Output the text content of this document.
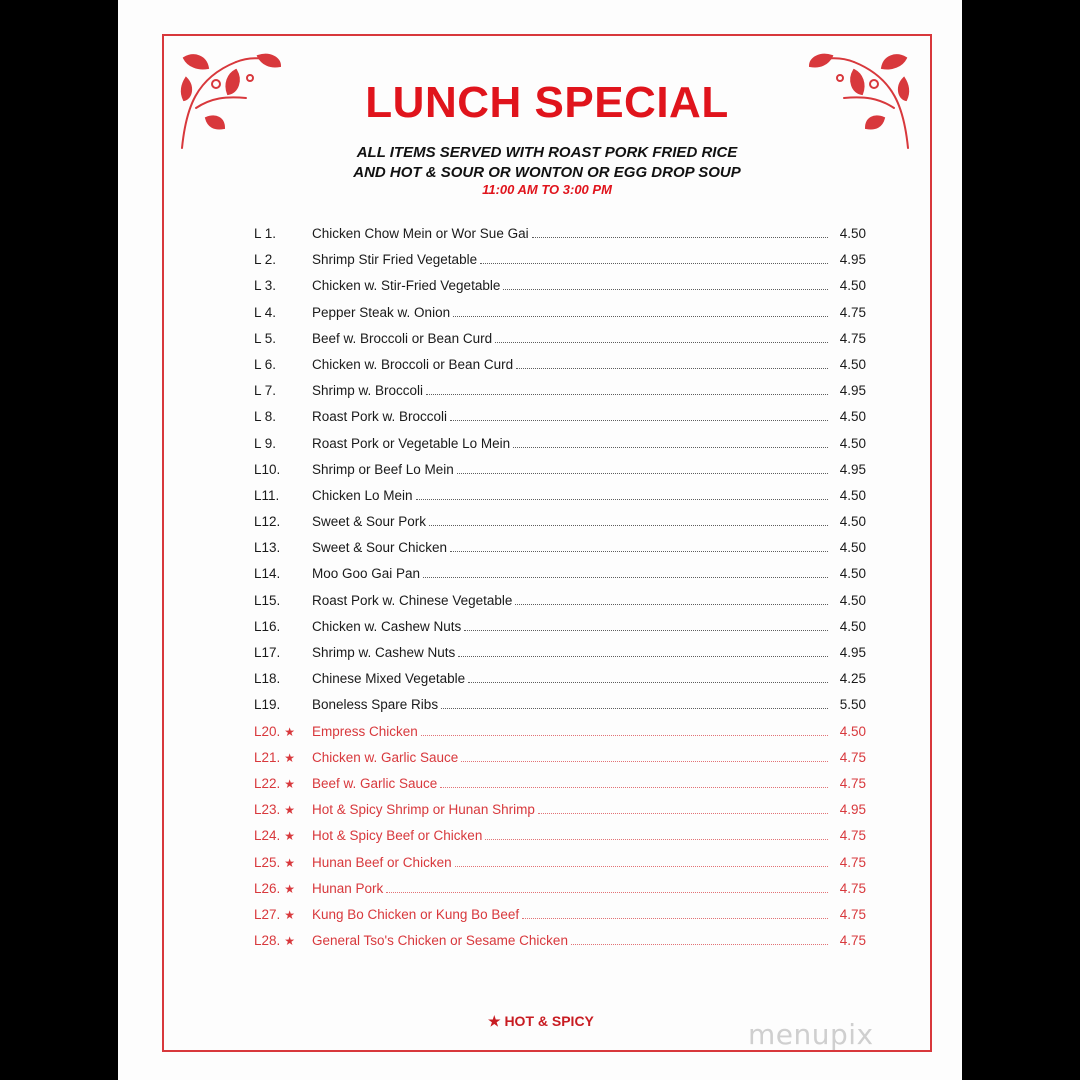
LUNCH SPECIAL
ALL ITEMS SERVED WITH ROAST PORK FRIED RICE
AND HOT & SOUR OR WONTON OR EGG DROP SOUP
11:00 AM TO 3:00 PM
L 1.	Chicken Chow Mein or Wor Sue Gai	4.50
L 2.	Shrimp Stir Fried Vegetable	4.95
L 3.	Chicken w. Stir-Fried Vegetable	4.50
L 4.	Pepper Steak w. Onion	4.75
L 5.	Beef w. Broccoli or Bean Curd	4.75
L 6.	Chicken w. Broccoli or Bean Curd	4.50
L 7.	Shrimp w. Broccoli	4.95
L 8.	Roast Pork w. Broccoli	4.50
L 9.	Roast Pork or Vegetable Lo Mein	4.50
L10.	Shrimp or Beef Lo Mein	4.95
L11.	Chicken Lo Mein	4.50
L12.	Sweet & Sour Pork	4.50
L13.	Sweet & Sour Chicken	4.50
L14.	Moo Goo Gai Pan	4.50
L15.	Roast Pork w. Chinese Vegetable	4.50
L16.	Chicken w. Cashew Nuts	4.50
L17.	Shrimp w. Cashew Nuts	4.95
L18.	Chinese Mixed Vegetable	4.25
L19.	Boneless Spare Ribs	5.50
L20. ★	Empress Chicken	4.50
L21. ★	Chicken w. Garlic Sauce	4.75
L22. ★	Beef w. Garlic Sauce	4.75
L23. ★	Hot & Spicy Shrimp or Hunan Shrimp	4.95
L24. ★	Hot & Spicy Beef or Chicken	4.75
L25. ★	Hunan Beef or Chicken	4.75
L26. ★	Hunan Pork	4.75
L27. ★	Kung Bo Chicken or Kung Bo Beef	4.75
L28. ★	General Tso's Chicken or Sesame Chicken	4.75
★ HOT & SPICY	menupix
